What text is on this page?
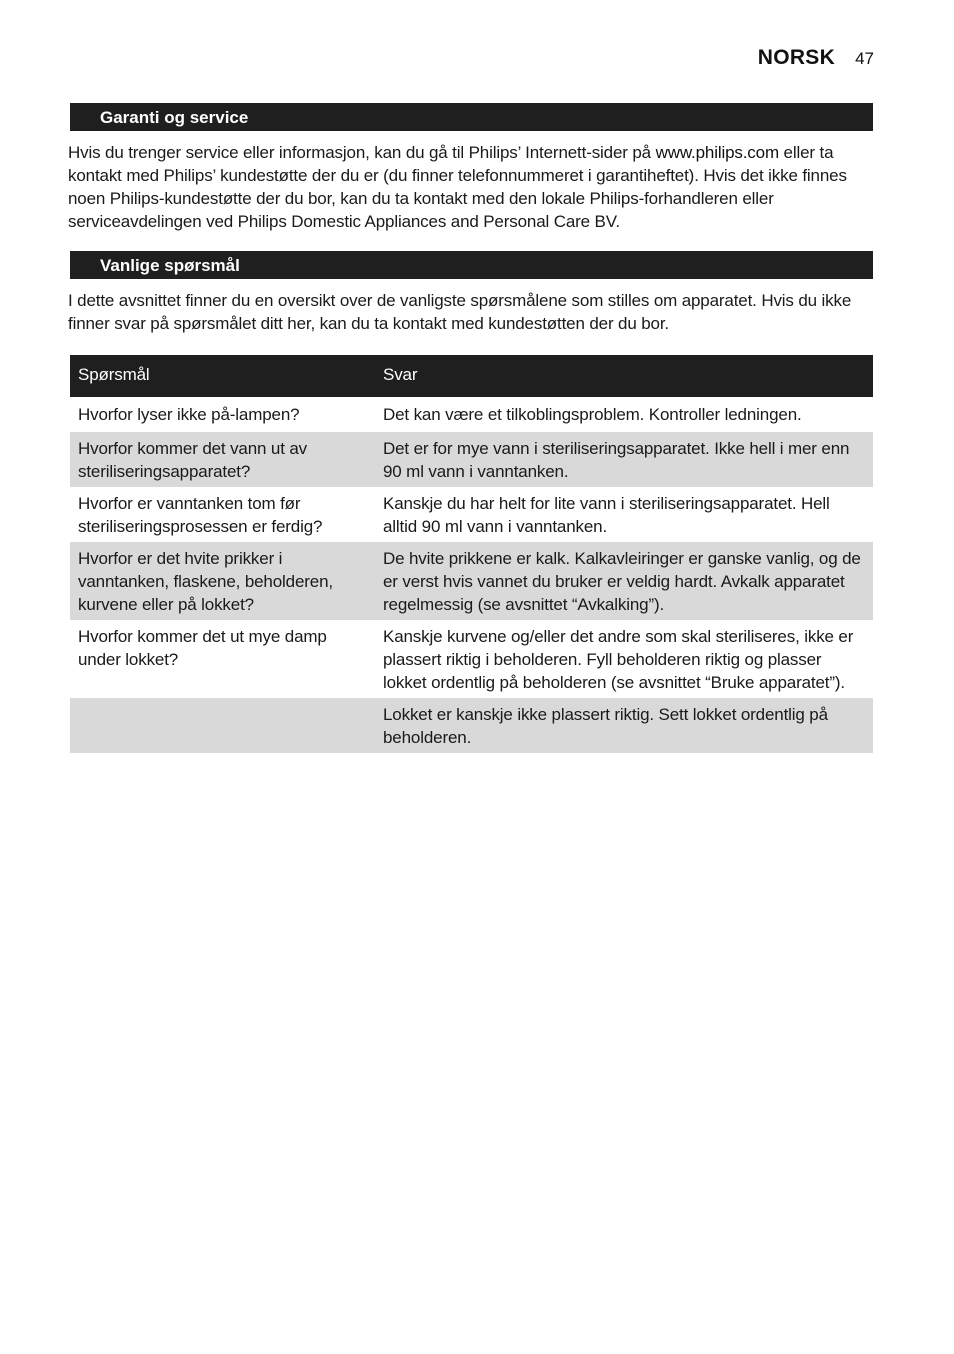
NORSK 47
Garanti og service
Hvis du trenger service eller informasjon, kan du gå til Philips’ Internett-sider på www.philips.com eller ta kontakt med Philips’ kundestøtte der du er (du finner telefonnummeret i garantiheftet). Hvis det ikke finnes noen Philips-kundestøtte der du bor, kan du ta kontakt med den lokale Philips-forhandleren eller serviceavdelingen ved Philips Domestic Appliances and Personal Care BV.
Vanlige spørsmål
I dette avsnittet finner du en oversikt over de vanligste spørsmålene som stilles om apparatet. Hvis du ikke finner svar på spørsmålet ditt her, kan du ta kontakt med kundestøtten der du bor.
Spørsmål	Svar

Hvorfor lyser ikke på-lampen?	Det kan være et tilkoblingsproblem. Kontroller ledningen.
Hvorfor kommer det vann ut av steriliseringsapparatet?	Det er for mye vann i steriliseringsapparatet. Ikke hell i mer enn 90 ml vann i vanntanken.
Hvorfor er vanntanken tom før steriliseringsprosessen er ferdig?	Kanskje du har helt for lite vann i steriliseringsapparatet. Hell alltid 90 ml vann i vanntanken.
Hvorfor er det hvite prikker i vanntanken, flaskene, beholderen, kurvene eller på lokket?	De hvite prikkene er kalk. Kalkavleiringer er ganske vanlig, og de er verst hvis vannet du bruker er veldig hardt. Avkalk apparatet regelmessig (se avsnittet “Avkalking”).
Hvorfor kommer det ut mye damp under lokket?	Kanskje kurvene og/eller det andre som skal steriliseres, ikke er plassert riktig i beholderen. Fyll beholderen riktig og plasser lokket ordentlig på beholderen (se avsnittet “Bruke apparatet”).
	Lokket er kanskje ikke plassert riktig. Sett lokket ordentlig på beholderen.
